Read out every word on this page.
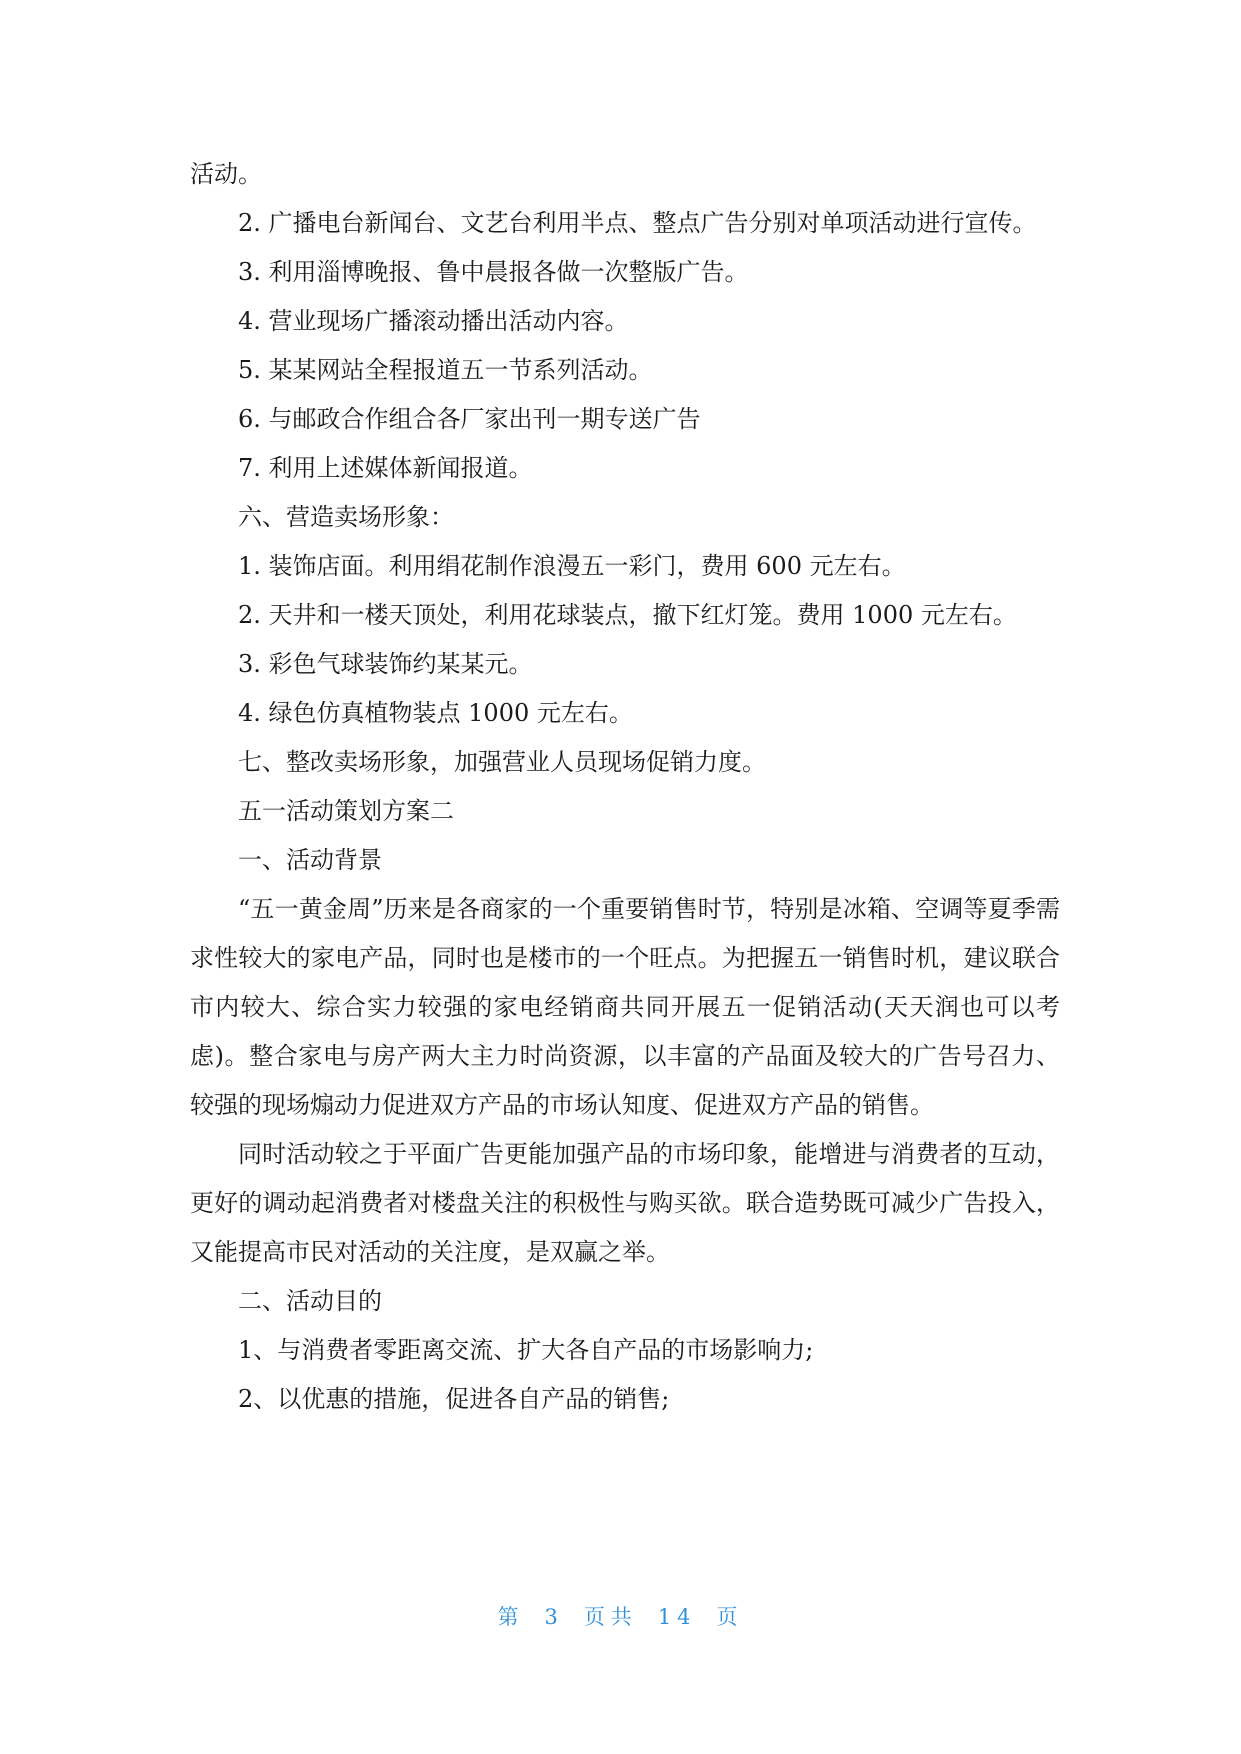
活动。

2. 广播电台新闻台、文艺台利用半点、整点广告分别对单项活动进行宣传。

3. 利用淄博晚报、鲁中晨报各做一次整版广告。

4. 营业现场广播滚动播出活动内容。

5. 某某网站全程报道五一节系列活动。

6. 与邮政合作组合各厂家出刊一期专送广告

7. 利用上述媒体新闻报道。

六、营造卖场形象：

1. 装饰店面。利用绢花制作浪漫五一彩门，费用 600 元左右。

2. 天井和一楼天顶处，利用花球装点，撤下红灯笼。费用 1000 元左右。

3. 彩色气球装饰约某某元。

4. 绿色仿真植物装点 1000 元左右。

七、整改卖场形象，加强营业人员现场促销力度。

五一活动策划方案二

一、活动背景

“五一黄金周”历来是各商家的一个重要销售时节，特别是冰箱、空调等夏季需求性较大的家电产品，同时也是楼市的一个旺点。为把握五一销售时机，建议联合市内较大、综合实力较强的家电经销商共同开展五一促销活动(天天润也可以考虑)。整合家电与房产两大主力时尚资源，以丰富的产品面及较大的广告号召力、较强的现场煽动力促进双方产品的市场认知度、促进双方产品的销售。

同时活动较之于平面广告更能加强产品的市场印象，能增进与消费者的互动，更好的调动起消费者对楼盘关注的积极性与购买欲。联合造势既可减少广告投入，又能提高市民对活动的关注度，是双赢之举。

二、活动目的

1、与消费者零距离交流、扩大各自产品的市场影响力;

2、以优惠的措施，促进各自产品的销售;

第 3 页共 14 页
